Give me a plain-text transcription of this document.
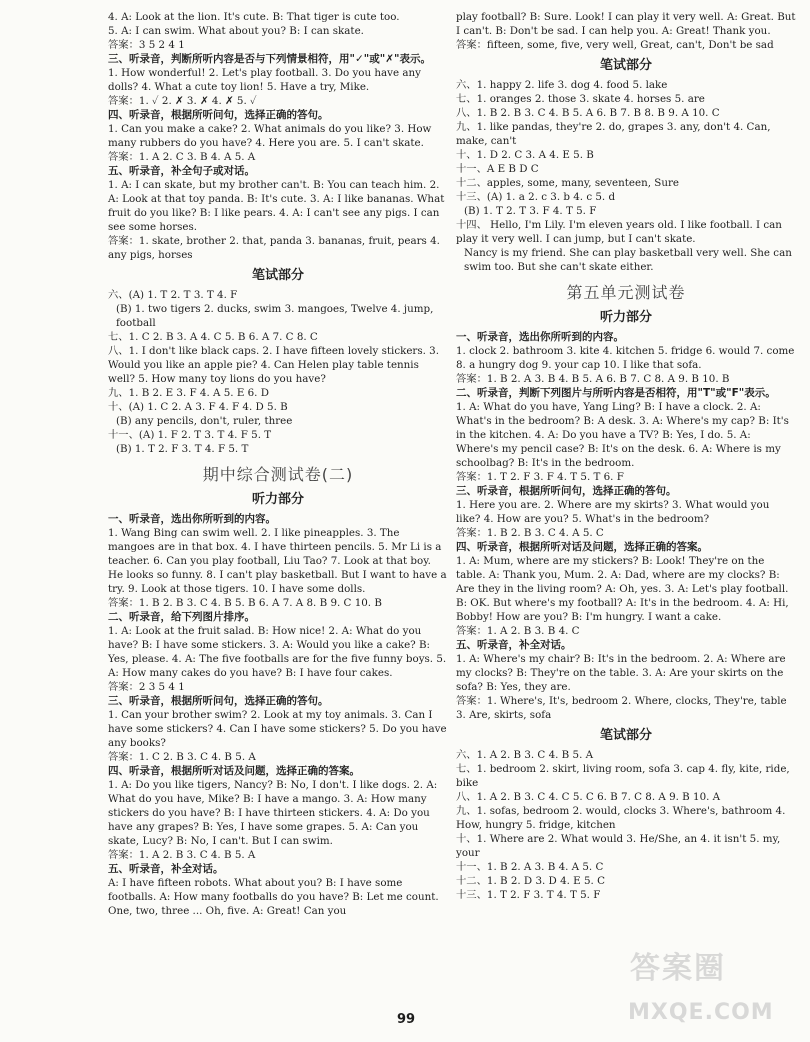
4. A: Look at the lion. It's cute. B: That tiger is cute too.
5. A: I can swim. What about you? B: I can skate.
答案：3 5 2 4 1
三、听录音，判断所听内容是否与下列情景相符，用"✓"或"✗"表示。
1. How wonderful! 2. Let's play football. 3. Do you have any dolls? 4. What a cute toy lion! 5. Have a try, Mike.
答案：1. ✓ 2. ✗ 3. ✗ 4. ✗ 5. ✓
四、听录音，根据所听问句，选择正确的答句。
1. Can you make a cake? 2. What animals do you like? 3. How many rubbers do you have? 4. Here you are. 5. I can't skate.
答案：1. A 2. C 3. B 4. A 5. A
五、听录音，补全句子或对话。
1. A: I can skate, but my brother can't. B: You can teach him. 2. A: Look at that toy panda. B: It's cute. 3. A: I like bananas. What fruit do you like? B: I like pears. 4. A: I can't see any pigs. I can see some horses.
答案：1. skate, brother 2. that, panda 3. bananas, fruit, pears 4. any pigs, horses
笔试部分
六、(A) 1. T 2. T 3. T 4. F
(B) 1. two tigers 2. ducks, swim 3. mangoes, Twelve 4. jump, football
七、1. C 2. B 3. A 4. C 5. B 6. A 7. C 8. C
八、1. I don't like black caps. 2. I have fifteen lovely stickers. 3. Would you like an apple pie? 4. Can Helen play table tennis well? 5. How many toy lions do you have?
九、1. B 2. E 3. F 4. A 5. E 6. D
十、(A) 1. C 2. A 3. F 4. F 4. D 5. B
(B) any pencils, don't, ruler, three
十一、(A) 1. F 2. T 3. T 4. F 5. T
(B) 1. T 2. F 3. T 4. F 5. T
期中综合测试卷(二)
听力部分
一、听录音，选出你所听到的内容。
1. Wang Bing can swim well. 2. I like pineapples. 3. The mangoes are in that box. 4. I have thirteen pencils. 5. Mr Li is a teacher. 6. Can you play football, Liu Tao? 7. Look at that boy. He looks so funny. 8. I can't play basketball. But I want to have a try. 9. Look at those tigers. 10. I have some dolls.
答案：1. B 2. B 3. C 4. B 5. B 6. A 7. A 8. B 9. C 10. B
二、听录音，给下列图片排序。
1. A: Look at the fruit salad. B: How nice! 2. A: What do you have? B: I have some stickers. 3. A: Would you like a cake? B: Yes, please. 4. A: The five footballs are for the five funny boys. 5. A: How many cakes do you have? B: I have four cakes.
答案：2 3 5 4 1
三、听录音，根据所听问句，选择正确的答句。
1. Can your brother swim? 2. Look at my toy animals. 3. Can I have some stickers? 4. Can I have some stickers? 5. Do you have any books?
答案：1. C 2. B 3. C 4. B 5. A
四、听录音，根据所听对话及问题，选择正确的答案。
1. A: Do you like tigers, Nancy? B: No, I don't. I like dogs. 2. A: What do you have, Mike? B: I have a mango. 3. A: How many stickers do you have? B: I have thirteen stickers. 4. A: Do you have any grapes? B: Yes, I have some grapes. 5. A: Can you skate, Lucy? B: No, I can't. But I can swim.
答案：1. A 2. B 3. C 4. B 5. A
五、听录音，补全对话。
A: I have fifteen robots. What about you? B: I have some footballs. A: How many footballs do you have? B: Let me count. One, two, three ... Oh, five. A: Great! Can you
play football? B: Sure. Look! I can play it very well. A: Great. But I can't. B: Don't be sad. I can help you. A: Great! Thank you.
答案：fifteen, some, five, very well, Great, can't, Don't be sad
笔试部分
六、1. happy 2. life 3. dog 4. food 5. lake
七、1. oranges 2. those 3. skate 4. horses 5. are
八、1. B 2. B 3. C 4. B 5. A 6. B 7. B 8. B 9. A 10. C
九、1. like pandas, they're 2. do, grapes 3. any, don't 4. Can, make, can't
十、1. D 2. C 3. A 4. E 5. B
十一、A E B D C
十二、apples, some, many, seventeen, Sure
十三、(A) 1. a 2. c 3. b 4. c 5. d
(B) 1. T 2. T 3. F 4. T 5. F
十四、 Hello, I'm Lily. I'm eleven years old. I like football. I can play it very well. I can jump, but I can't skate.
Nancy is my friend. She can play basketball very well. She can swim too. But she can't skate either.
第五单元测试卷
听力部分
一、听录音，选出你所听到的内容。
1. clock 2. bathroom 3. kite 4. kitchen 5. fridge 6. would 7. come 8. a hungry dog 9. your cap 10. I like that sofa.
答案：1. B 2. A 3. B 4. B 5. A 6. B 7. C 8. A 9. B 10. B
二、听录音，判断下列图片与所听内容是否相符，用"T"或"F"表示。
1. A: What do you have, Yang Ling? B: I have a clock. 2. A: What's in the bedroom? B: A desk. 3. A: Where's my cap? B: It's in the kitchen. 4. A: Do you have a TV? B: Yes, I do. 5. A: Where's my pencil case? B: It's on the desk. 6. A: Where is my schoolbag? B: It's in the bedroom.
答案：1. T 2. F 3. F 4. T 5. T 6. F
三、听录音，根据所听问句，选择正确的答句。
1. Here you are. 2. Where are my skirts? 3. What would you like? 4. How are you? 5. What's in the bedroom?
答案：1. B 2. B 3. C 4. A 5. C
四、听录音，根据所听对话及问题，选择正确的答案。
1. A: Mum, where are my stickers? B: Look! They're on the table. A: Thank you, Mum. 2. A: Dad, where are my clocks? B: Are they in the living room? A: Oh, yes. 3. A: Let's play football. B: OK. But where's my football? A: It's in the bedroom. 4. A: Hi, Bobby! How are you? B: I'm hungry. I want a cake.
答案：1. A 2. B 3. B 4. C
五、听录音，补全对话。
1. A: Where's my chair? B: It's in the bedroom. 2. A: Where are my clocks? B: They're on the table. 3. A: Are your skirts on the sofa? B: Yes, they are.
答案：1. Where's, It's, bedroom 2. Where, clocks, They're, table 3. Are, skirts, sofa
笔试部分
六、1. A 2. B 3. C 4. B 5. A
七、1. bedroom 2. skirt, living room, sofa 3. cap 4. fly, kite, ride, bike
八、1. A 2. B 3. C 4. C 5. C 6. B 7. C 8. A 9. B 10. A
九、1. sofas, bedroom 2. would, clocks 3. Where's, bathroom 4. How, hungry 5. fridge, kitchen
十、1. Where are 2. What would 3. He/She, an 4. it isn't 5. my, your
十一、1. B 2. A 3. B 4. A 5. C
十二、1. B 2. D 3. D 4. E 5. C
十三、1. T 2. F 3. T 4. T 5. F
99
答案圈
MXQE.COM
